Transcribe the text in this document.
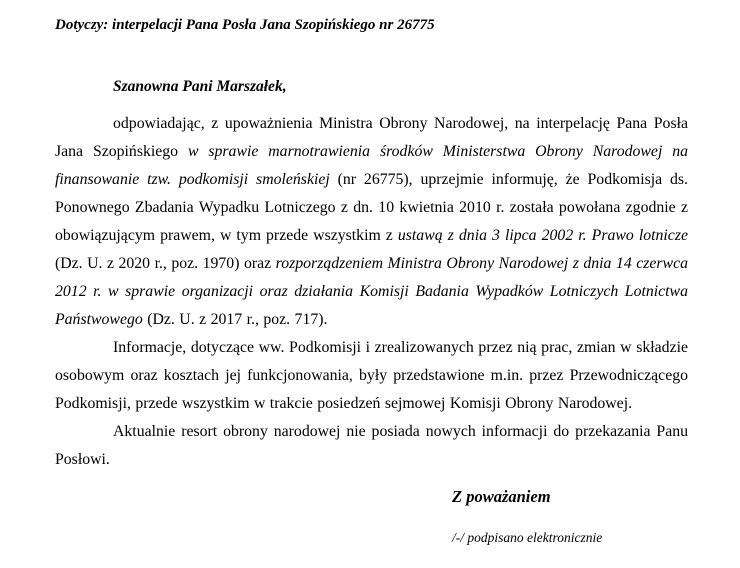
Dotyczy: interpelacji Pana Posła Jana Szopińskiego nr 26775

Szanowna Pani Marszałek,

odpowiadając, z upoważnienia Ministra Obrony Narodowej, na interpelację Pana Posła Jana Szopińskiego w sprawie marnotrawienia środków Ministerstwa Obrony Narodowej na finansowanie tzw. podkomisji smoleńskiej (nr 26775), uprzejmie informuję, że Podkomisja ds. Ponownego Zbadania Wypadku Lotniczego z dn. 10 kwietnia 2010 r. została powołana zgodnie z obowiązującym prawem, w tym przede wszystkim z ustawą z dnia 3 lipca 2002 r. Prawo lotnicze (Dz. U. z 2020 r., poz. 1970) oraz rozporządzeniem Ministra Obrony Narodowej z dnia 14 czerwca 2012 r. w sprawie organizacji oraz działania Komisji Badania Wypadków Lotniczych Lotnictwa Państwowego (Dz. U. z 2017 r., poz. 717).

Informacje, dotyczące ww. Podkomisji i zrealizowanych przez nią prac, zmian w składzie osobowym oraz kosztach jej funkcjonowania, były przedstawione m.in. przez Przewodniczącego Podkomisji, przede wszystkim w trakcie posiedzeń sejmowej Komisji Obrony Narodowej.

Aktualnie resort obrony narodowej nie posiada nowych informacji do przekazania Panu Posłowi.

Z poważaniem

/-/ podpisano elektronicznie
